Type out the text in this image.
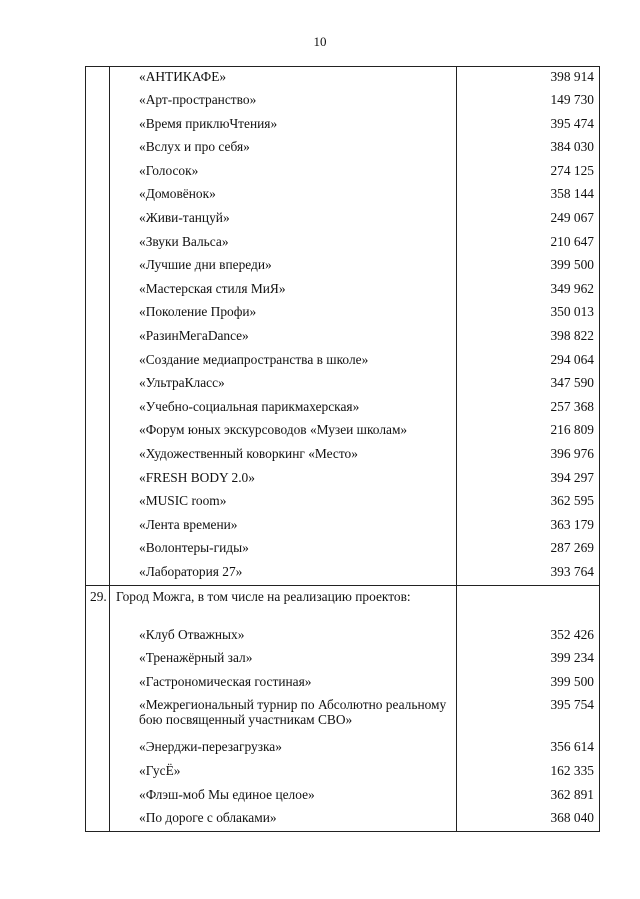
10
	«АНТИКАФЕ»	398 914
	«Арт-пространство»	149 730
	«Время приклюЧтения»	395 474
	«Вслух и про себя»	384 030
	«Голосок»	274 125
	«Домовёнок»	358 144
	«Живи-танцуй»	249 067
	«Звуки Вальса»	210 647
	«Лучшие дни впереди»	399 500
	«Мастерская стиля МиЯ»	349 962
	«Поколение Профи»	350 013
	«РазинМегаDance»	398 822
	«Создание медиапространства в школе»	294 064
	«УльтраКласс»	347 590
	«Учебно-социальная парикмахерская»	257 368
	«Форум юных экскурсоводов «Музеи школам»	216 809
	«Художественный коворкинг «Место»	396 976
	«FRESH BODY 2.0»	394 297
	«MUSIC room»	362 595
	«Лента времени»	363 179
	«Волонтеры-гиды»	287 269
	«Лаборатория 27»	393 764
29.	Город Можга, в том числе на реализацию проектов:	
	«Клуб Отважных»	352 426
	«Тренажёрный зал»	399 234
	«Гастрономическая гостиная»	399 500
	«Межрегиональный турнир по Абсолютно реальному бою посвященный участникам СВО»	395 754
	«Энерджи-перезагрузка»	356 614
	«ГусЁ»	162 335
	«Флэш-моб Мы единое целое»	362 891
	«По дороге с облаками»	368 040
